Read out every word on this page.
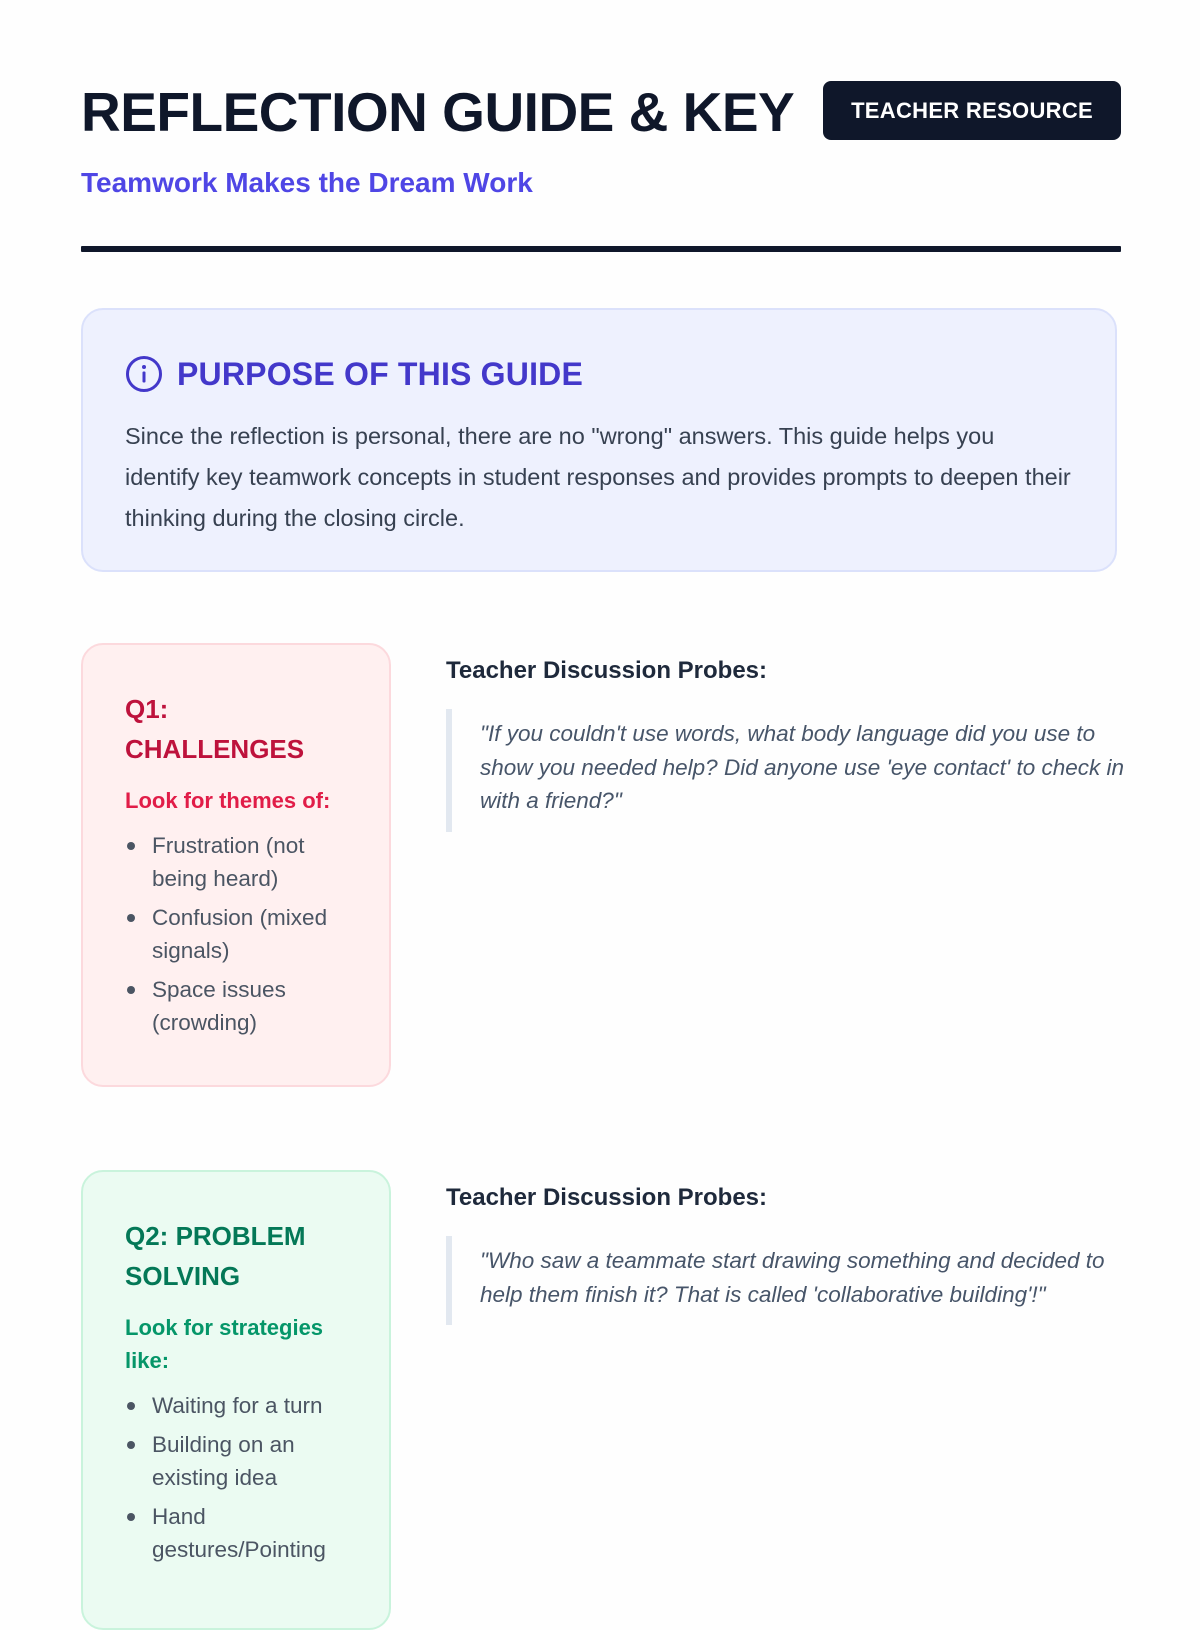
REFLECTION GUIDE & KEY	TEACHER RESOURCE
Teamwork Makes the Dream Work
PURPOSE OF THIS GUIDE
Since the reflection is personal, there are no "wrong" answers. This guide helps you identify key teamwork concepts in student responses and provides prompts to deepen their thinking during the closing circle.
Q1:
CHALLENGES
Look for themes of:
Frustration (not being heard)
Confusion (mixed signals)
Space issues (crowding)
Teacher Discussion Probes:
"If you couldn't use words, what body language did you use to show you needed help? Did anyone use 'eye contact' to check in with a friend?"
Q2: PROBLEM
SOLVING
Look for strategies like:
Waiting for a turn
Building on an existing idea
Hand gestures/Pointing
Teacher Discussion Probes:
"Who saw a teammate start drawing something and decided to help them finish it? That is called 'collaborative building'!"
